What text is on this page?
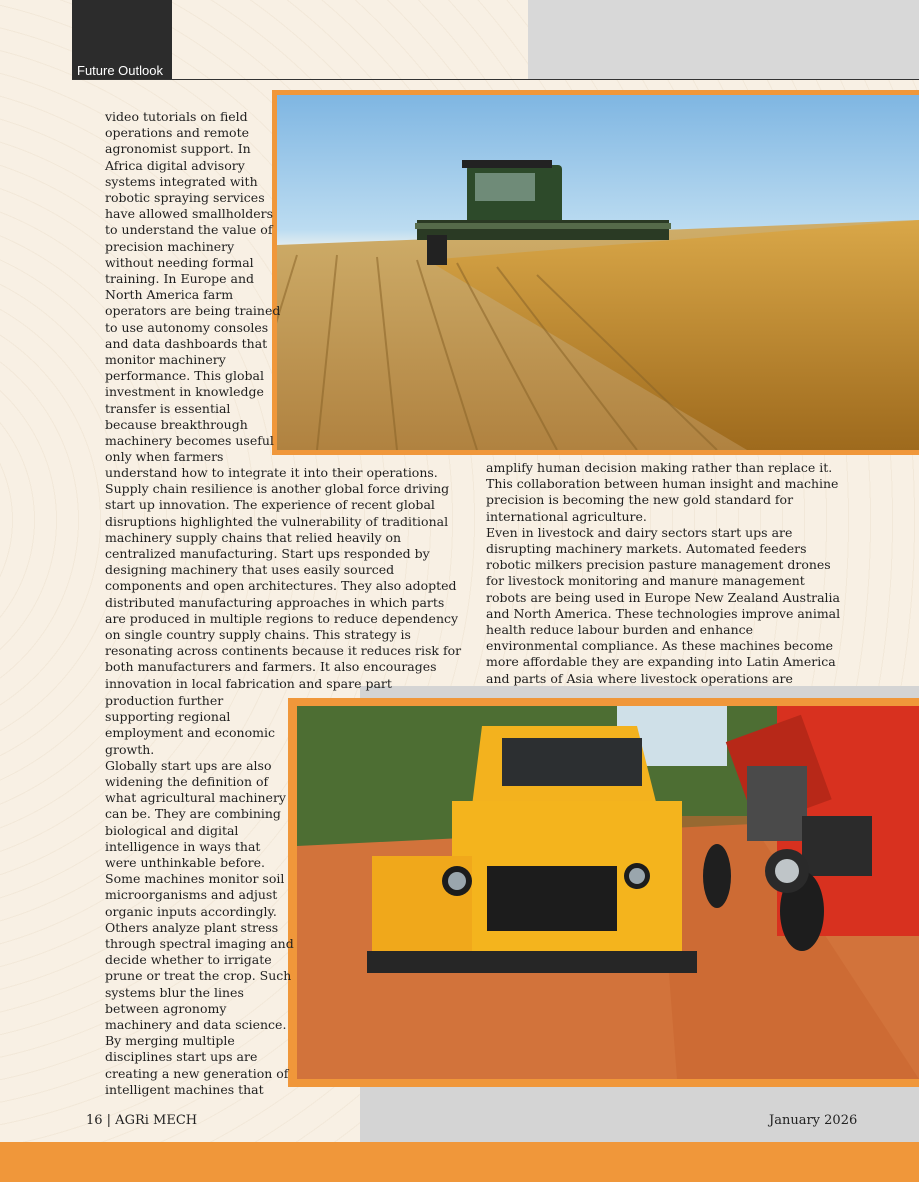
Future Outlook
video tutorials on field
operations and remote
agronomist support. In
Africa digital advisory
systems integrated with
robotic spraying services
have allowed smallholders
to understand the value of
precision machinery
without needing formal
training. In Europe and
North America farm
operators are being trained
to use autonomy consoles
and data dashboards that
monitor machinery
performance. This global
investment in knowledge
transfer is essential
because breakthrough
machinery becomes useful
only when farmers
understand how to integrate it into their operations.
Supply chain resilience is another global force driving
start up innovation. The experience of recent global
disruptions highlighted the vulnerability of traditional
machinery supply chains that relied heavily on
centralized manufacturing. Start ups responded by
designing machinery that uses easily sourced
components and open architectures. They also adopted
distributed manufacturing approaches in which parts
are produced in multiple regions to reduce dependency
on single country supply chains. This strategy is
resonating across continents because it reduces risk for
both manufacturers and farmers. It also encourages
innovation in local fabrication and spare part
production further
supporting regional
employment and economic
growth.
Globally start ups are also
widening the definition of
what agricultural machinery
can be. They are combining
biological and digital
intelligence in ways that
were unthinkable before.
Some machines monitor soil
microorganisms and adjust
organic inputs accordingly.
Others analyze plant stress
through spectral imaging and
decide whether to irrigate
prune or treat the crop. Such
systems blur the lines
between agronomy
machinery and data science.
By merging multiple
disciplines start ups are
creating a new generation of
intelligent machines that
amplify human decision making rather than replace it.
This collaboration between human insight and machine
precision is becoming the new gold standard for
international agriculture.
Even in livestock and dairy sectors start ups are
disrupting machinery markets. Automated feeders
robotic milkers precision pasture management drones
for livestock monitoring and manure management
robots are being used in Europe New Zealand Australia
and North America. These technologies improve animal
health reduce labour burden and enhance
environmental compliance. As these machines become
more affordable they are expanding into Latin America
and parts of Asia where livestock operations are
16 | AGRi MECH	January 2026
